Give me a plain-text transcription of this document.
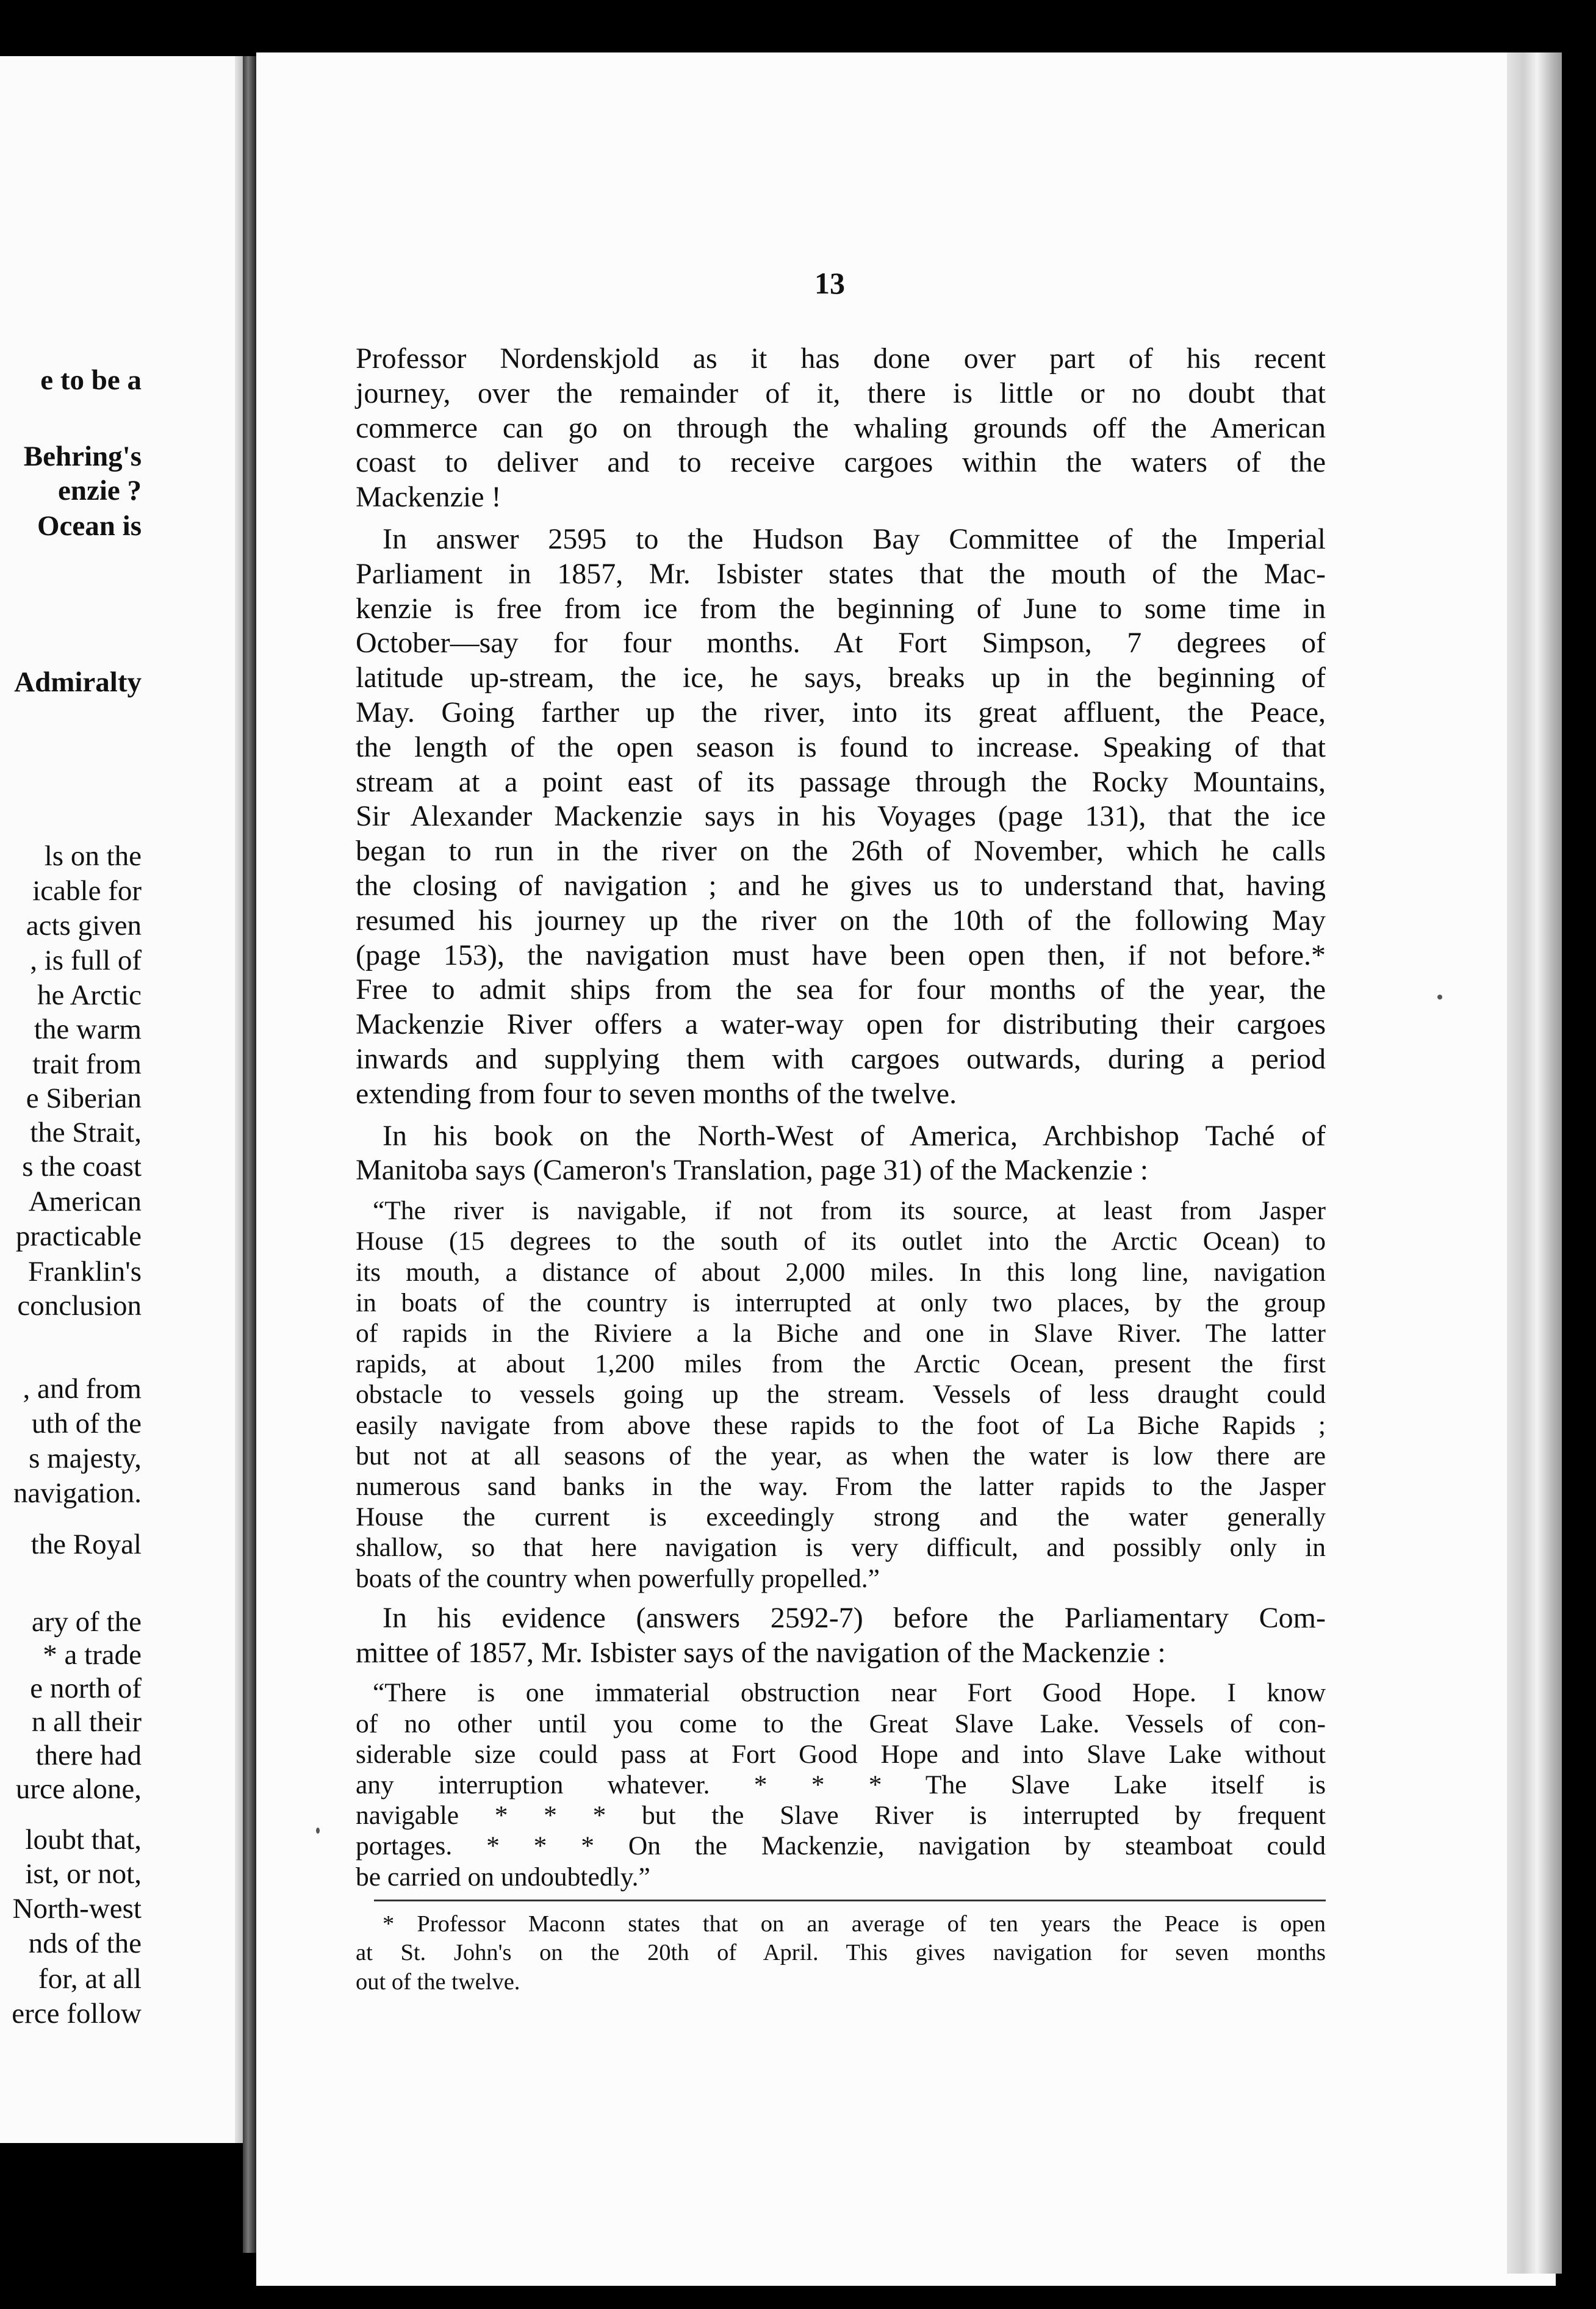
e to be a
Behring's
enzie ?
Ocean is
Admiralty
ls on the
icable for
acts given
, is full of
he Arctic
the warm
trait from
e Siberian
the Strait,
s the coast
American
practicable
Franklin's
conclusion
, and from
uth of the
s majesty,
navigation.
the Royal
ary of the
* a trade
e north of
n all their
there had
urce alone,
loubt that,
ist, or not,
North-west
nds of the
for, at all
erce follow
13
Professor Nordenskjold as it has done over part of his recent
journey, over the remainder of it, there is little or no doubt that
commerce can go on through the whaling grounds off the American
coast to deliver and to receive cargoes within the waters of the
Mackenzie !
In answer 2595 to the Hudson Bay Committee of the Imperial
Parliament in 1857, Mr. Isbister states that the mouth of the Mac-
kenzie is free from ice from the beginning of June to some time in
October—say for four months. At Fort Simpson, 7 degrees of
latitude up-stream, the ice, he says, breaks up in the beginning of
May. Going farther up the river, into its great affluent, the Peace,
the length of the open season is found to increase. Speaking of that
stream at a point east of its passage through the Rocky Mountains,
Sir Alexander Mackenzie says in his Voyages (page 131), that the ice
began to run in the river on the 26th of November, which he calls
the closing of navigation ; and he gives us to understand that, having
resumed his journey up the river on the 10th of the following May
(page 153), the navigation must have been open then, if not before.*
Free to admit ships from the sea for four months of the year, the
Mackenzie River offers a water-way open for distributing their cargoes
inwards and supplying them with cargoes outwards, during a period
extending from four to seven months of the twelve.
In his book on the North-West of America, Archbishop Taché of
Manitoba says (Cameron's Translation, page 31) of the Mackenzie :
“The river is navigable, if not from its source, at least from Jasper
House (15 degrees to the south of its outlet into the Arctic Ocean) to
its mouth, a distance of about 2,000 miles. In this long line, navigation
in boats of the country is interrupted at only two places, by the group
of rapids in the Riviere a la Biche and one in Slave River. The latter
rapids, at about 1,200 miles from the Arctic Ocean, present the first
obstacle to vessels going up the stream. Vessels of less draught could
easily navigate from above these rapids to the foot of La Biche Rapids ;
but not at all seasons of the year, as when the water is low there are
numerous sand banks in the way. From the latter rapids to the Jasper
House the current is exceedingly strong and the water generally
shallow, so that here navigation is very difficult, and possibly only in
boats of the country when powerfully propelled.”
In his evidence (answers 2592-7) before the Parliamentary Com-
mittee of 1857, Mr. Isbister says of the navigation of the Mackenzie :
“There is one immaterial obstruction near Fort Good Hope. I know
of no other until you come to the Great Slave Lake. Vessels of con-
siderable size could pass at Fort Good Hope and into Slave Lake without
any interruption whatever. * * * The Slave Lake itself is
navigable * * * but the Slave River is interrupted by frequent
portages. * * * On the Mackenzie, navigation by steamboat could
be carried on undoubtedly.”
* Professor Maconn states that on an average of ten years the Peace is open
at St. John's on the 20th of April. This gives navigation for seven months
out of the twelve.
